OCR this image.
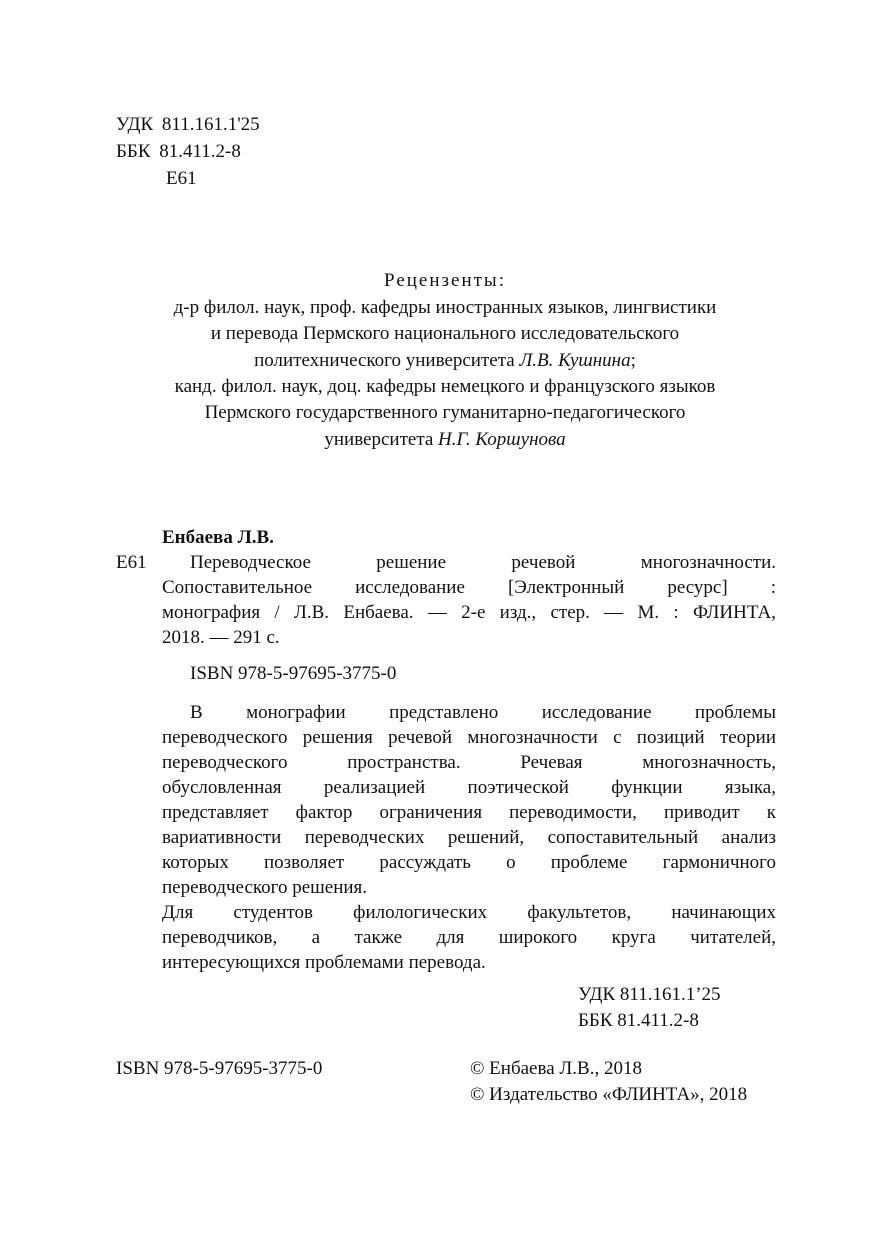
УДК 811.161.1'25
ББК 81.411.2-8
Е61
Рецензенты:
д-р филол. наук, проф. кафедры иностранных языков, лингвистики
и перевода Пермского национального исследовательского
политехнического университета Л.В. Кушнина;
канд. филол. наук, доц. кафедры немецкого и французского языков
Пермского государственного гуманитарно-педагогического
университета Н.Г. Коршунова
Енбаева Л.В.
Е61	Переводческое решение речевой многозначности.
Сопоставительное исследование [Электронный ресурс] :
монография / Л.В. Енбаева. — 2-е изд., стер. — М. : ФЛИНТА,
2018. — 291 с.
ISBN 978-5-97695-3775-0
В монографии представлено исследование проблемы
переводческого решения речевой многозначности с позиций теории
переводческого пространства. Речевая многозначность,
обусловленная реализацией поэтической функции языка,
представляет фактор ограничения переводимости, приводит к
вариативности переводческих решений, сопоставительный анализ
которых позволяет рассуждать о проблеме гармоничного
переводческого решения.
Для студентов филологических факультетов, начинающих
переводчиков, а также для широкого круга читателей,
интересующихся проблемами перевода.
УДК 811.161.1’25
ББК 81.411.2-8
ISBN 978-5-97695-3775-0	© Енбаева Л.В., 2018
© Издательство «ФЛИНТА», 2018
